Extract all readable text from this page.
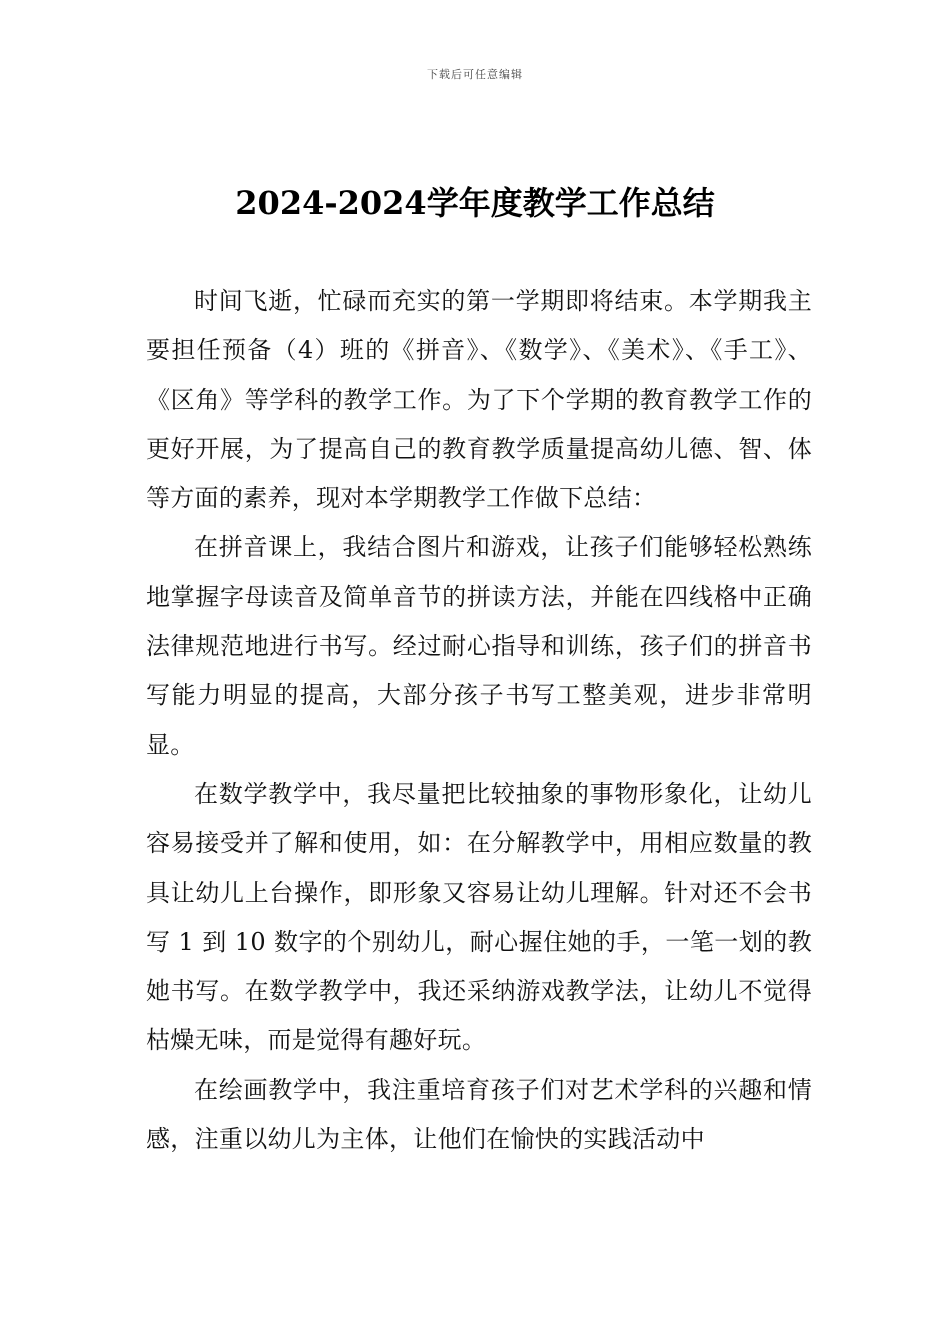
下载后可任意编辑
2024-2024学年度教学工作总结

时间飞逝，忙碌而充实的第一学期即将结束。本学期我主要担任预备（4）班的《拼音》、《数学》、《美术》、《手工》、《区角》等学科的教学工作。为了下个学期的教育教学工作的更好开展，为了提高自己的教育教学质量提高幼儿德、智、体等方面的素养，现对本学期教学工作做下总结：

在拼音课上，我结合图片和游戏，让孩子们能够轻松熟练地掌握字母读音及简单音节的拼读方法，并能在四线格中正确法律规范地进行书写。经过耐心指导和训练，孩子们的拼音书写能力明显的提高，大部分孩子书写工整美观，进步非常明显。

在数学教学中，我尽量把比较抽象的事物形象化，让幼儿容易接受并了解和使用，如：在分解教学中，用相应数量的教具让幼儿上台操作，即形象又容易让幼儿理解。针对还不会书写 1 到 10 数字的个别幼儿，耐心握住她的手，一笔一划的教她书写。在数学教学中，我还采纳游戏教学法，让幼儿不觉得枯燥无味，而是觉得有趣好玩。

在绘画教学中，我注重培育孩子们对艺术学科的兴趣和情感，注重以幼儿为主体，让他们在愉快的实践活动中
